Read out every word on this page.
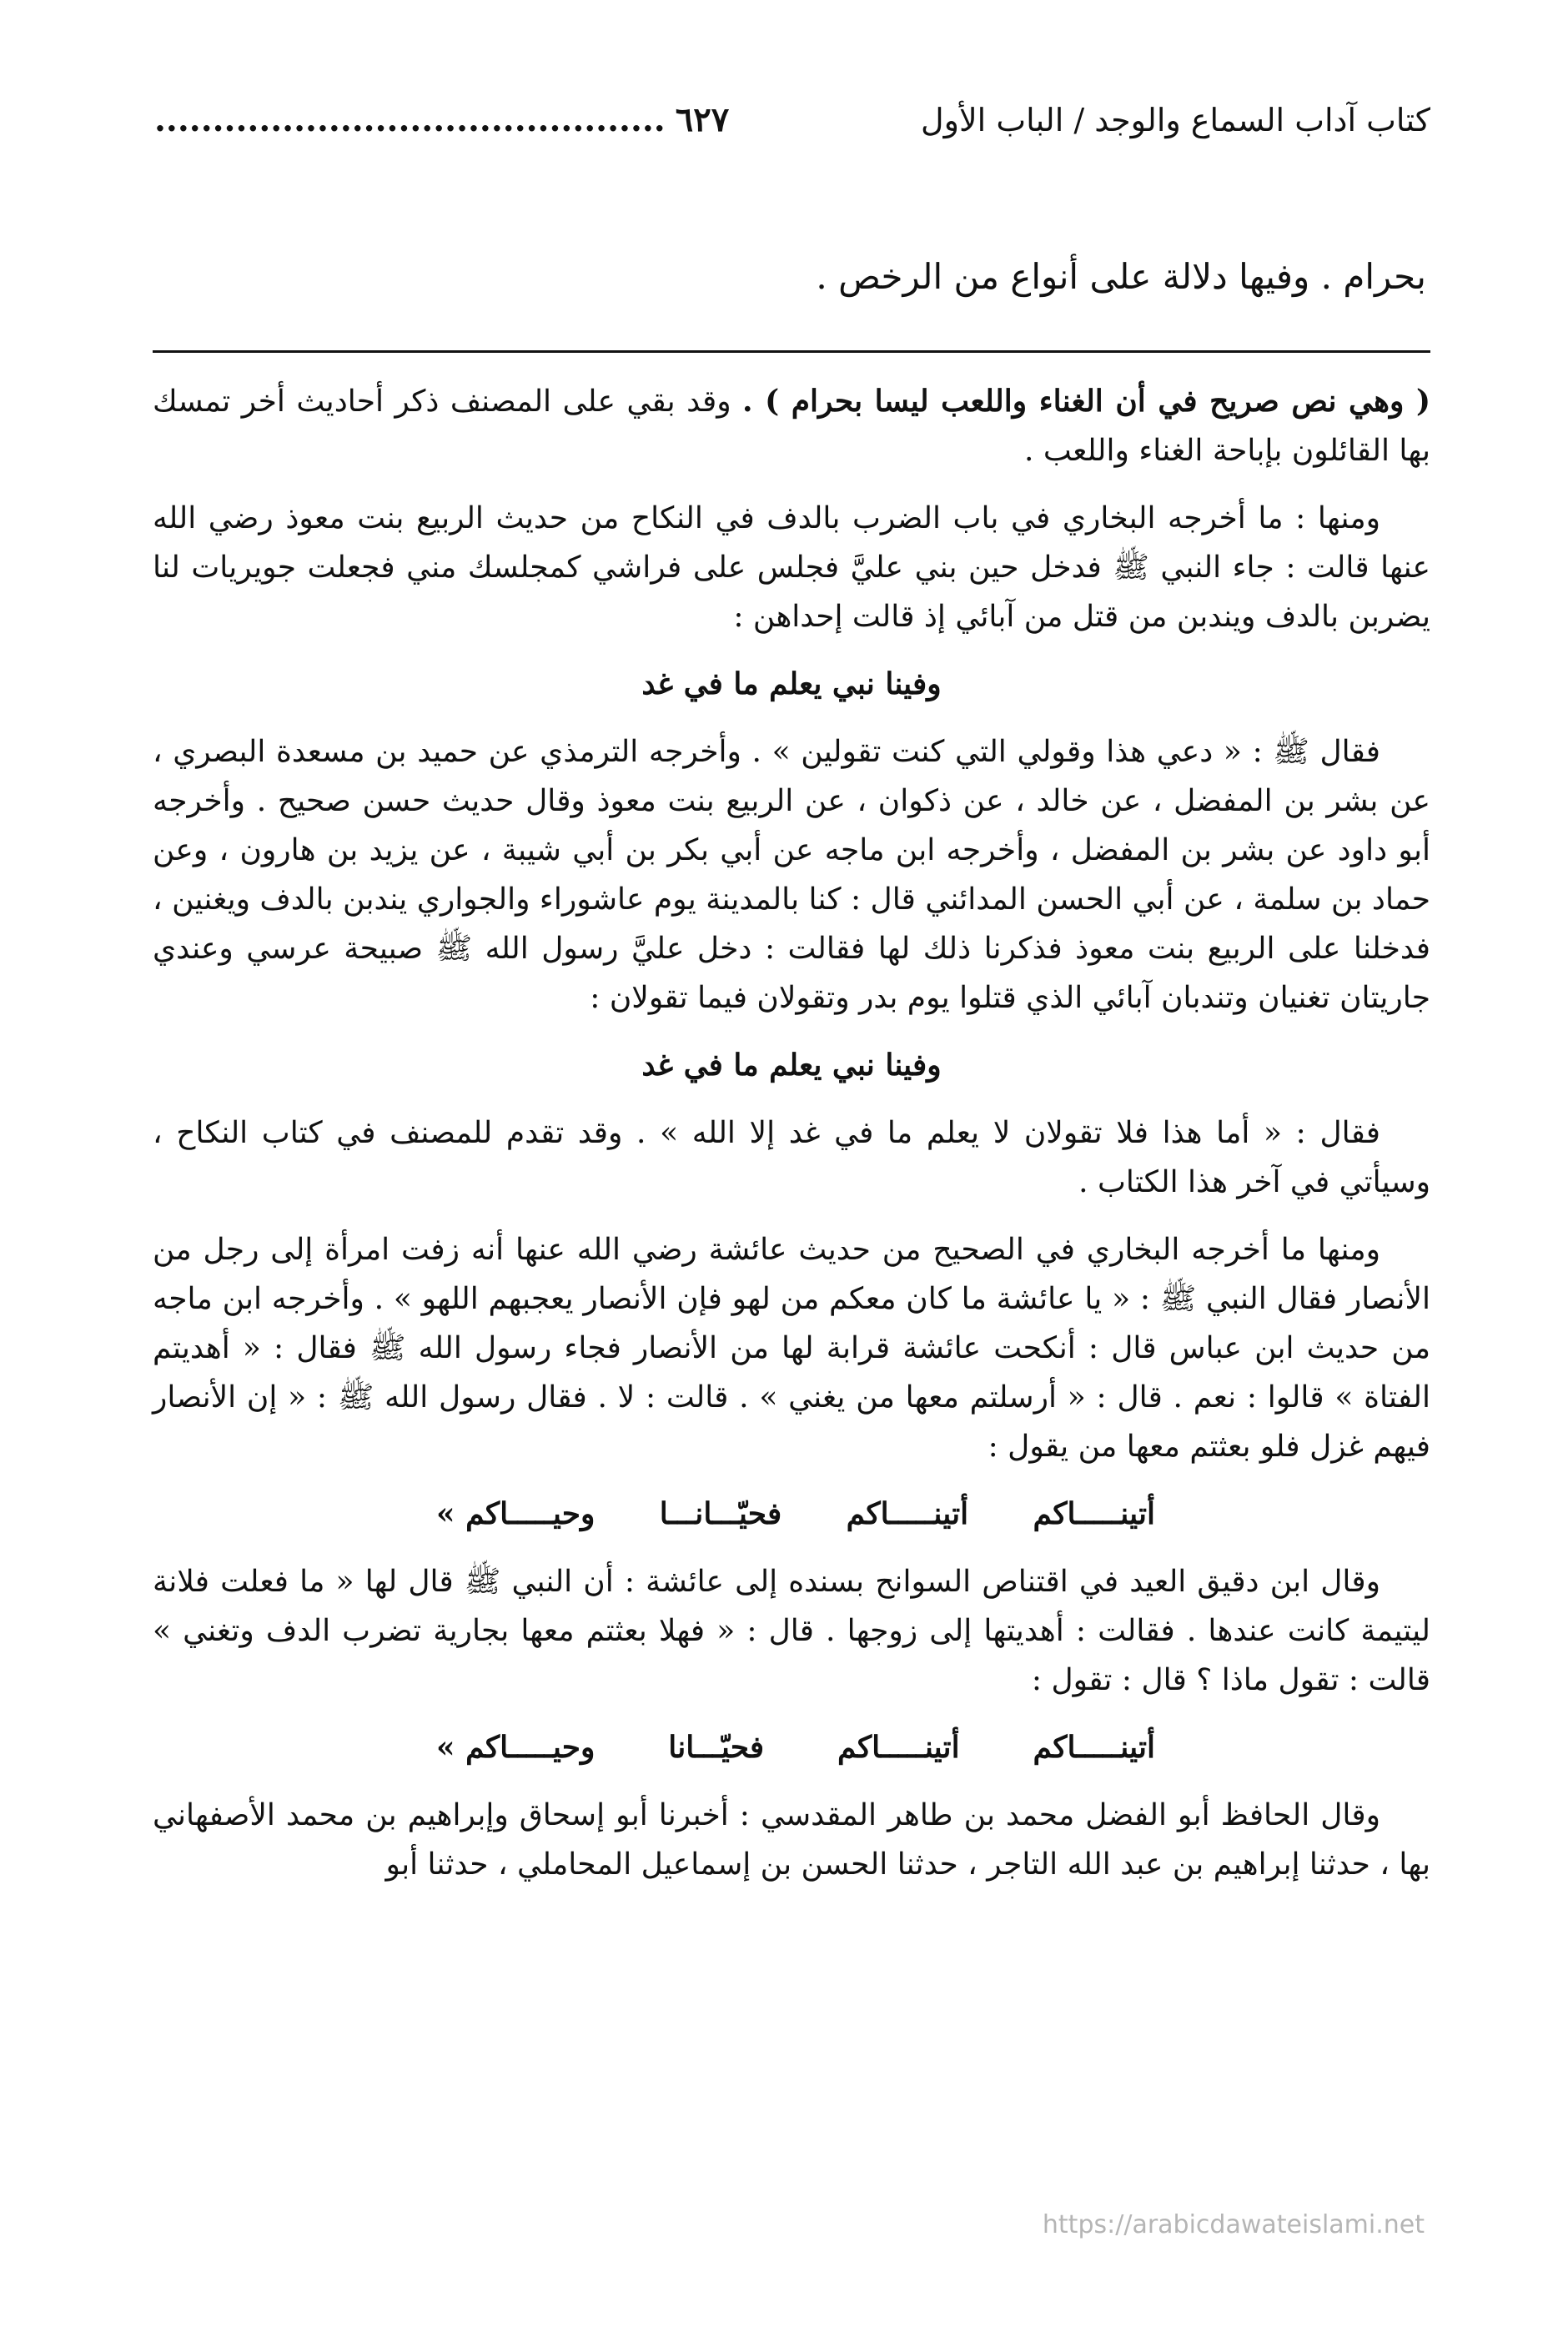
كتاب آداب السماع والوجد / الباب الأول
............................................ ٦٢٧
بحرام . وفيها دلالة على أنواع من الرخص .

( وهي نص صريح في أن الغناء واللعب ليسا بحرام ) . وقد بقي على المصنف ذكر أحاديث أخر تمسك بها القائلون بإباحة الغناء واللعب .

ومنها : ما أخرجه البخاري في باب الضرب بالدف في النكاح من حديث الربيع بنت معوذ رضي الله عنها قالت : جاء النبي ﷺ فدخل حين بني عليَّ فجلس على فراشي كمجلسك مني فجعلت جويريات لنا يضربن بالدف ويندبن من قتل من آبائي إذ قالت إحداهن :

وفينا نبي يعلم ما في غد

فقال ﷺ : « دعي هذا وقولي التي كنت تقولين » . وأخرجه الترمذي عن حميد بن مسعدة البصري ، عن بشر بن المفضل ، عن خالد ، عن ذكوان ، عن الربيع بنت معوذ وقال حديث حسن صحيح . وأخرجه أبو داود عن بشر بن المفضل ، وأخرجه ابن ماجه عن أبي بكر بن أبي شيبة ، عن يزيد بن هارون ، وعن حماد بن سلمة ، عن أبي الحسن المدائني قال : كنا بالمدينة يوم عاشوراء والجواري يندبن بالدف ويغنين ، فدخلنا على الربيع بنت معوذ فذكرنا ذلك لها فقالت : دخل عليَّ رسول الله ﷺ صبيحة عرسي وعندي جاريتان تغنيان وتندبان آبائي الذي قتلوا يوم بدر وتقولان فيما تقولان :

وفينا نبي يعلم ما في غد

فقال : « أما هذا فلا تقولان لا يعلم ما في غد إلا الله » . وقد تقدم للمصنف في كتاب النكاح ، وسيأتي في آخر هذا الكتاب .

ومنها ما أخرجه البخاري في الصحيح من حديث عائشة رضي الله عنها أنه زفت امرأة إلى رجل من الأنصار فقال النبي ﷺ : « يا عائشة ما كان معكم من لهو فإن الأنصار يعجبهم اللهو » . وأخرجه ابن ماجه من حديث ابن عباس قال : أنكحت عائشة قرابة لها من الأنصار فجاء رسول الله ﷺ فقال : « أهديتم الفتاة » قالوا : نعم . قال : « أرسلتم معها من يغني » . قالت : لا . فقال رسول الله ﷺ : « إن الأنصار فيهم غزل فلو بعثتم معها من يقول :

أتينـــــاكم
أتينـــــاكم
فحيّـــانـــا
وحيـــــاكم »

وقال ابن دقيق العيد في اقتناص السوانح بسنده إلى عائشة : أن النبي ﷺ قال لها « ما فعلت فلانة ليتيمة كانت عندها . فقالت : أهديتها إلى زوجها . قال : « فهلا بعثتم معها بجارية تضرب الدف وتغني » قالت : تقول ماذا ؟ قال : تقول :

أتينـــــاكم
أتينـــــاكم
فحيّـــانا
وحيـــــاكم »

وقال الحافظ أبو الفضل محمد بن طاهر المقدسي : أخبرنا أبو إسحاق وإبراهيم بن محمد الأصفهاني بها ، حدثنا إبراهيم بن عبد الله التاجر ، حدثنا الحسن بن إسماعيل المحاملي ، حدثنا أبو

https://arabicdawateislami.net
